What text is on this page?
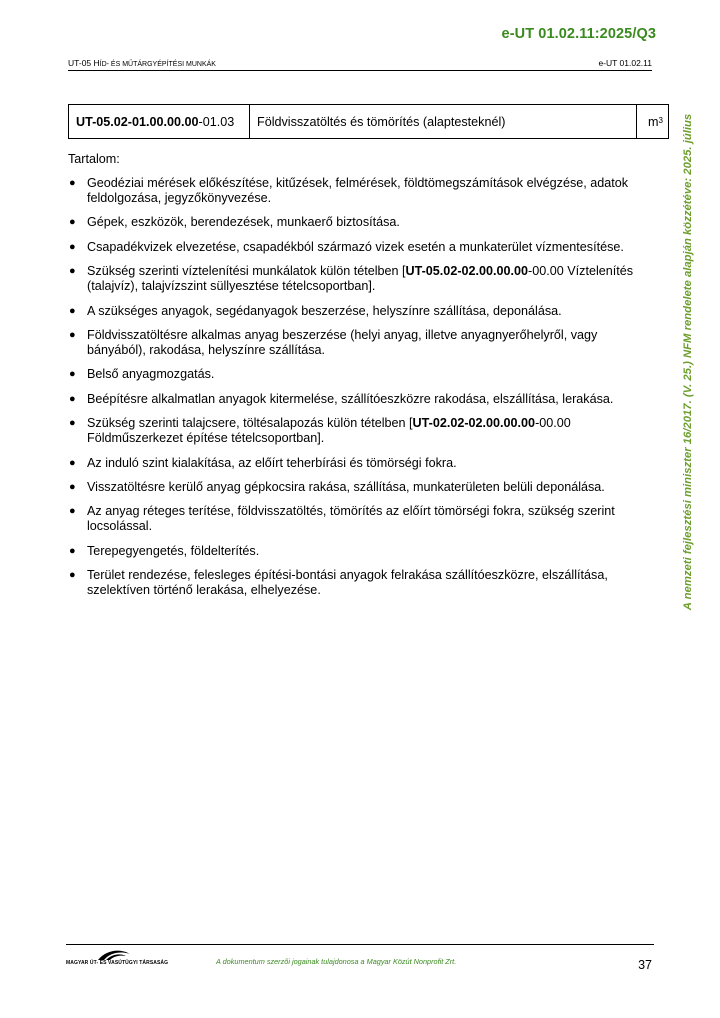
e-UT 01.02.11:2025/Q3
UT-05 HÍD- ÉS MŰTÁRGYÉPÍTÉSI MUNKÁK	e-UT 01.02.11
UT-05.02-01.00.00.00 -01.03	Földvisszatöltés és tömörítés (alaptesteknél)	$m^3$
Tartalom:
● Geodéziai mérések előkészítése, kitűzések, felmérések, földtömegszámítások elvégzése, adatok feldolgozása, jegyzőkönyvezése.
● Gépek, eszközök, berendezések, munkaerő biztosítása.
● Csapadékvizek elvezetése, csapadékból származó vizek esetén a munkaterület vízmentesítése.
● Szükség szerinti víztelenítési munkálatok külön tételben [UT-05.02-02.00.00.00-00.00 Víztelenítés (talajvíz), talajvízszint süllyesztése tételcsoportban].
● A szükséges anyagok, segédanyagok beszerzése, helyszínre szállítása, deponálása.
● Földvisszatöltésre alkalmas anyag beszerzése (helyi anyag, illetve anyagnyerőhelyről, vagy bányából), rakodása, helyszínre szállítása.
● Belső anyagmozgatás.
● Beépítésre alkalmatlan anyagok kitermelése, szállítóeszközre rakodása, elszállítása, lerakása.
● Szükség szerinti talajcsere, töltésalapozás külön tételben [UT-02.02-02.00.00.00-00.00 Földműszerkezet építése tételcsoportban].
● Az induló szint kialakítása, az előírt teherbírási és tömörségi fokra.
● Visszatöltésre kerülő anyag gépkocsira rakása, szállítása, munkaterületen belüli deponálása.
● Az anyag réteges terítése, földvisszatöltés, tömörítés az előírt tömörségi fokra, szükség szerint locsolással.
● Terepegyengetés, földelterítés.
● Terület rendezése, felesleges építési-bontási anyagok felrakása szállítóeszközre, elszállítása, szelektíven történő lerakása, elhelyezése.	A nemzeti fejlesztési miniszter 16/2017. (V. 25.) NFM rendelete alapján közzétéve: 2025. július
MAGYAR ÚT- ÉS VASÚTÜGYI TÁRSASÁG	A dokumentum szerzői jogainak tulajdonosa a Magyar Közút Nonprofit Zrt.	37
